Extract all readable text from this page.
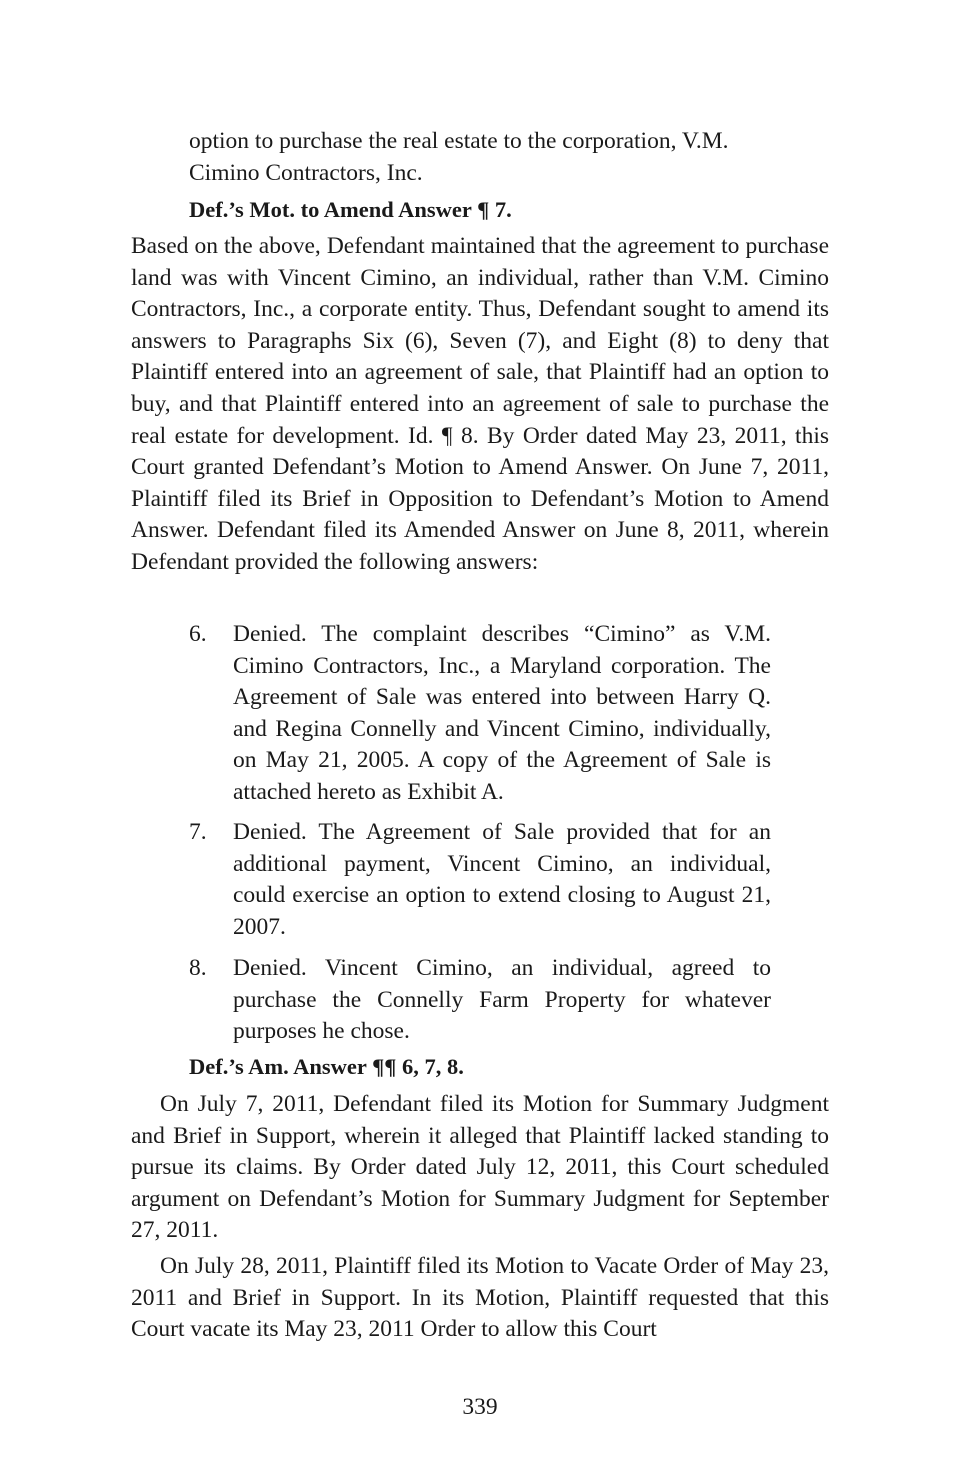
option to purchase the real estate to the corporation, V.M. Cimino Contractors, Inc.

Def.’s Mot. to Amend Answer ¶ 7.

Based on the above, Defendant maintained that the agreement to purchase land was with Vincent Cimino, an individual, rather than V.M. Cimino Contractors, Inc., a corporate entity. Thus, Defendant sought to amend its answers to Paragraphs Six (6), Seven (7), and Eight (8) to deny that Plaintiff entered into an agreement of sale, that Plaintiff had an option to buy, and that Plaintiff entered into an agreement of sale to purchase the real estate for development. Id. ¶ 8. By Order dated May 23, 2011, this Court granted Defendant’s Motion to Amend Answer. On June 7, 2011, Plaintiff filed its Brief in Opposition to Defendant’s Motion to Amend Answer. Defendant filed its Amended Answer on June 8, 2011, wherein Defendant provided the following answers:

6.	Denied. The complaint describes “Cimino” as V.M. Cimino Contractors, Inc., a Maryland corporation. The Agreement of Sale was entered into between Harry Q. and Regina Connelly and Vincent Cimino, individually, on May 21, 2005. A copy of the Agreement of Sale is attached hereto as Exhibit A.
7.	Denied. The Agreement of Sale provided that for an additional payment, Vincent Cimino, an individual, could exercise an option to extend closing to August 21, 2007.
8.	Denied. Vincent Cimino, an individual, agreed to purchase the Connelly Farm Property for whatever purposes he chose.

Def.’s Am. Answer ¶¶ 6, 7, 8.

On July 7, 2011, Defendant filed its Motion for Summary Judgment and Brief in Support, wherein it alleged that Plaintiff lacked standing to pursue its claims. By Order dated July 12, 2011, this Court scheduled argument on Defendant’s Motion for Summary Judgment for September 27, 2011.

On July 28, 2011, Plaintiff filed its Motion to Vacate Order of May 23, 2011 and Brief in Support. In its Motion, Plaintiff requested that this Court vacate its May 23, 2011 Order to allow this Court

339
